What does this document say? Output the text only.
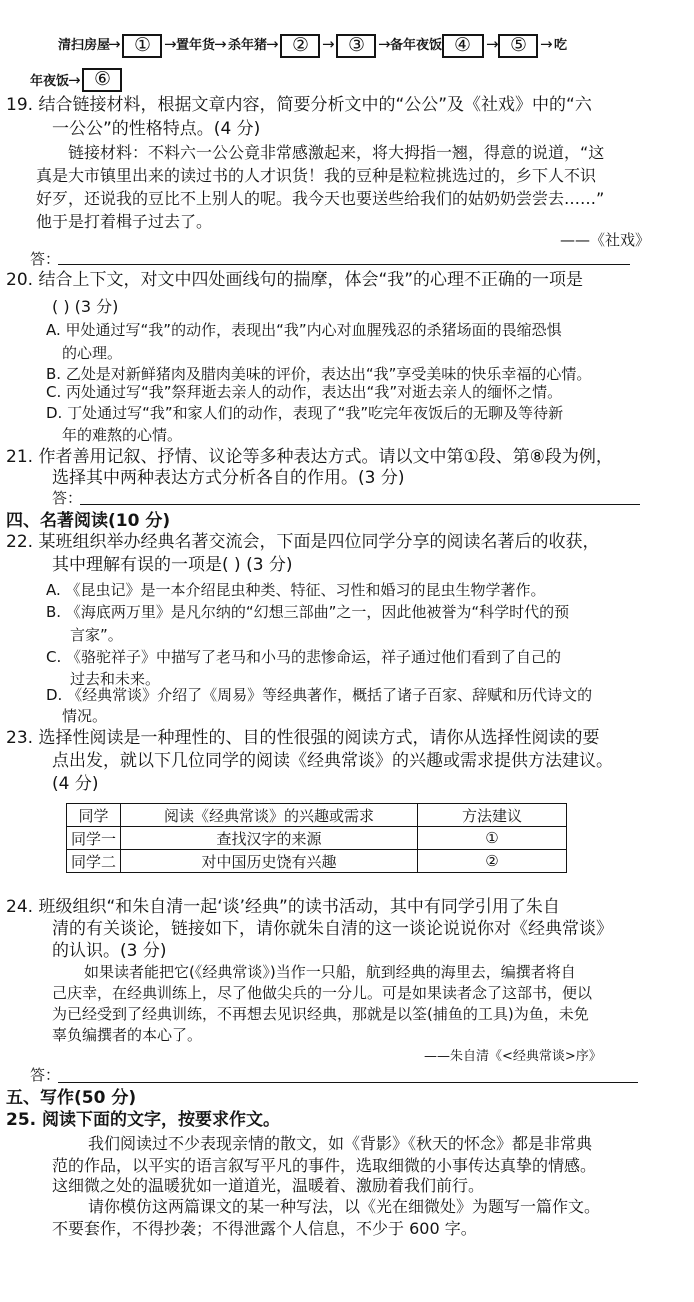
清扫房屋
→ ① → 置年货
→ 杀年猪
→ ② → ③ → 备年夜饭 ④ → ⑤ → 吃
年夜饭
→ ⑥
19. 结合链接材料，根据文章内容，简要分析文中的“公公”及《社戏》中的“六
一公公”的性格特点。(4 分)
链接材料：不料六一公公竟非常感激起来，将大拇指一翘，得意的说道，“这
真是大市镇里出来的读过书的人才识货！我的豆种是粒粒挑选过的，乡下人不识
好歹，还说我的豆比不上别人的呢。我今天也要送些给我们的姑奶奶尝尝去……”
他于是打着楫子过去了。
——《社戏》
答：
20. 结合上下文，对文中四处画线句的揣摩，体会“我”的心理不正确的一项是
( ) (3 分)
A. 甲处通过写“我”的动作，表现出“我”内心对血腥残忍的杀猪场面的畏缩恐惧
的心理。
B. 乙处是对新鲜猪肉及腊肉美味的评价，表达出“我”享受美味的快乐幸福的心情。
C. 丙处通过写“我”祭拜逝去亲人的动作，表达出“我”对逝去亲人的缅怀之情。
D. 丁处通过写“我”和家人们的动作，表现了“我”吃完年夜饭后的无聊及等待新
年的难熬的心情。
21. 作者善用记叙、抒情、议论等多种表达方式。请以文中第①段、第⑧段为例，
选择其中两种表达方式分析各自的作用。(3 分)
答：
四、名著阅读(10 分)
22. 某班组织举办经典名著交流会，下面是四位同学分享的阅读名著后的收获，
其中理解有误的一项是( ) (3 分)
A. 《昆虫记》是一本介绍昆虫种类、特征、习性和婚习的昆虫生物学著作。
B. 《海底两万里》是凡尔纳的“幻想三部曲”之一，因此他被誉为“科学时代的预
言家”。
C. 《骆驼祥子》中描写了老马和小马的悲惨命运，祥子通过他们看到了自己的
过去和未来。
D. 《经典常谈》介绍了《周易》等经典著作，概括了诸子百家、辞赋和历代诗文的
情况。
23. 选择性阅读是一种理性的、目的性很强的阅读方式，请你从选择性阅读的要
点出发，就以下几位同学的阅读《经典常谈》的兴趣或需求提供方法建议。
(4 分)
同学	阅读《经典常谈》的兴趣或需求	方法建议
同学一	查找汉字的来源	①
同学二	对中国历史饶有兴趣	②
24. 班级组织“和朱自清一起‘谈’经典”的读书活动，其中有同学引用了朱自
清的有关谈论，链接如下，请你就朱自清的这一谈论说说你对《经典常谈》
的认识。(3 分)
如果读者能把它(《经典常谈》)当作一只船，航到经典的海里去，编撰者将自
己庆幸，在经典训练上，尽了他做尖兵的一分儿。可是如果读者念了这部书，便以
为已经受到了经典训练，不再想去见识经典，那就是以筌(捕鱼的工具)为鱼，未免
辜负编撰者的本心了。
——朱自清《<经典常谈>序》
答：
五、写作(50 分)
25. 阅读下面的文字，按要求作文。
我们阅读过不少表现亲情的散文，如《背影》《秋天的怀念》都是非常典
范的作品，以平实的语言叙写平凡的事件，选取细微的小事传达真挚的情感。
这细微之处的温暖犹如一道道光，温暖着、激励着我们前行。
请你模仿这两篇课文的某一种写法，以《光在细微处》为题写一篇作文。
不要套作，不得抄袭；不得泄露个人信息，不少于 600 字。
